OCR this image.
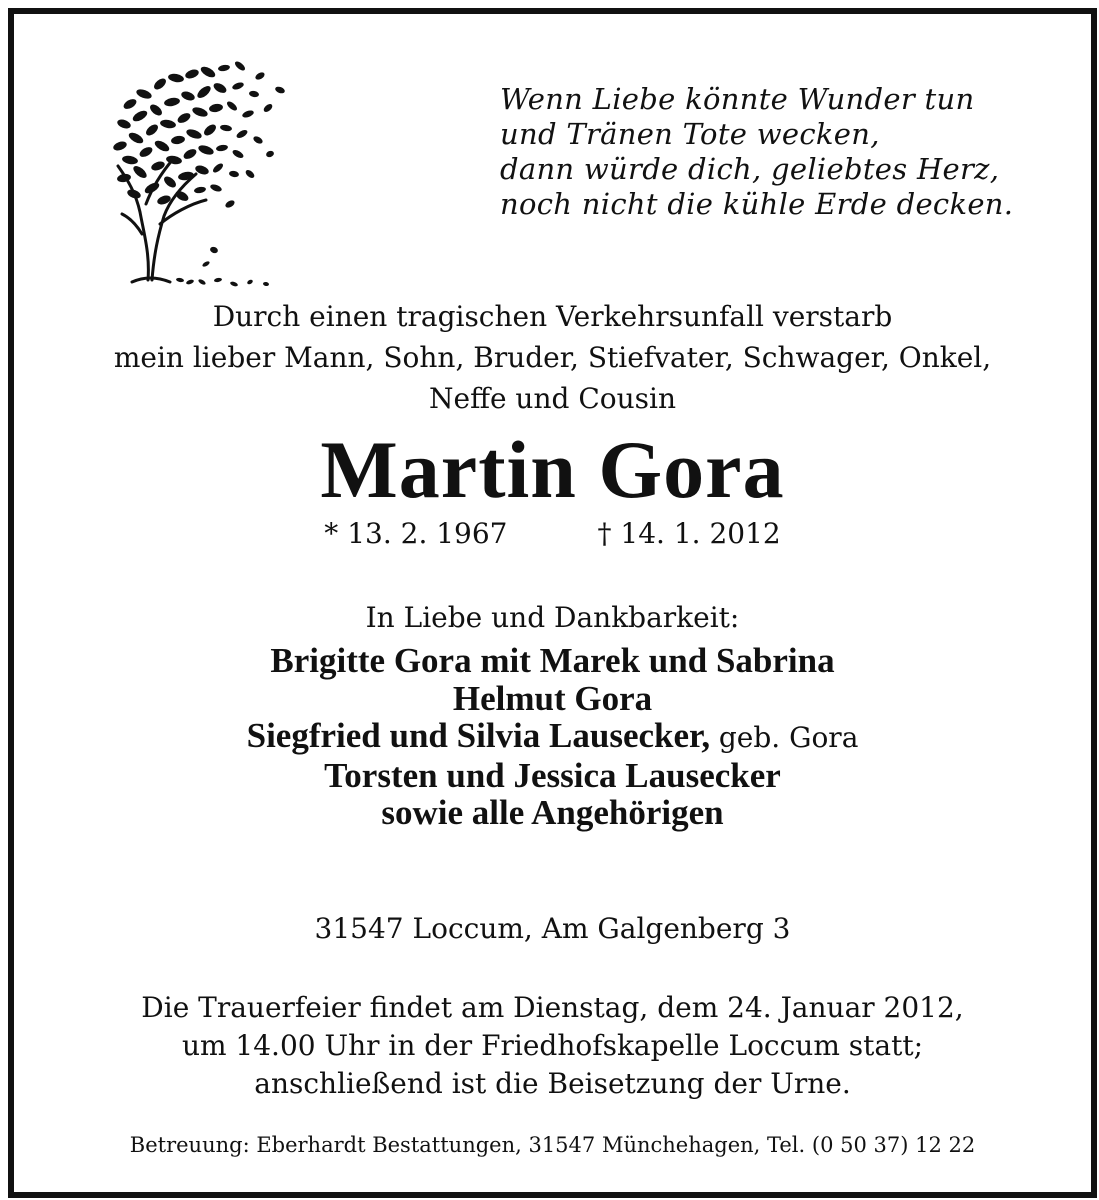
Wenn Liebe könnte Wunder tun
und Tränen Tote wecken,
dann würde dich, geliebtes Herz,
noch nicht die kühle Erde decken.
Durch einen tragischen Verkehrsunfall verstarb
mein lieber Mann, Sohn, Bruder, Stiefvater, Schwager, Onkel,
Neffe und Cousin
Martin Gora
* 13. 2. 1967	† 14. 1. 2012
In Liebe und Dankbarkeit:
Brigitte Gora mit Marek und Sabrina
Helmut Gora
Siegfried und Silvia Lausecker, geb. Gora
Torsten und Jessica Lausecker
sowie alle Angehörigen
31547 Loccum, Am Galgenberg 3
Die Trauerfeier findet am Dienstag, dem 24. Januar 2012,
um 14.00 Uhr in der Friedhofskapelle Loccum statt;
anschließend ist die Beisetzung der Urne.
Betreuung: Eberhardt Bestattungen, 31547 Münchehagen, Tel. (0 50 37) 12 22
